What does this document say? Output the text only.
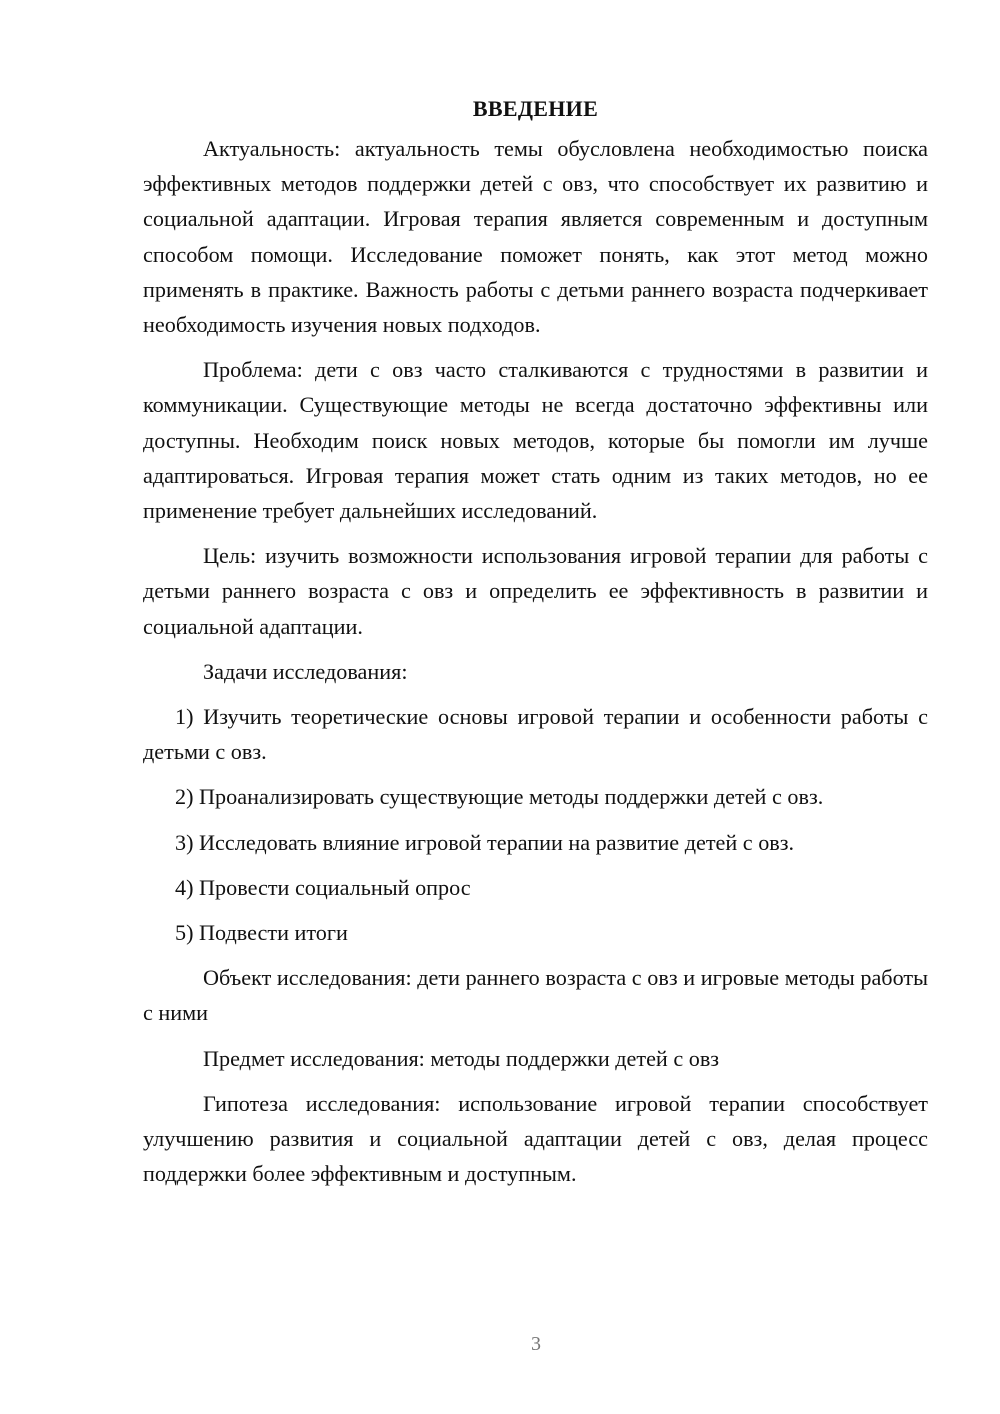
ВВЕДЕНИЕ

Актуальность: актуальность темы обусловлена необходимостью поиска эффективных методов поддержки детей с овз, что способствует их развитию и социальной адаптации. Игровая терапия является современным и доступным способом помощи. Исследование поможет понять, как этот метод можно применять в практике. Важность работы с детьми раннего возраста подчеркивает необходимость изучения новых подходов.

Проблема: дети с овз часто сталкиваются с трудностями в развитии и коммуникации. Существующие методы не всегда достаточно эффективны или доступны. Необходим поиск новых методов, которые бы помогли им лучше адаптироваться. Игровая терапия может стать одним из таких методов, но ее применение требует дальнейших исследований.

Цель: изучить возможности использования игровой терапии для работы с детьми раннего возраста с овз и определить ее эффективность в развитии и социальной адаптации.

Задачи исследования:

1) Изучить теоретические основы игровой терапии и особенности работы с детьми с овз.

2) Проанализировать существующие методы поддержки детей с овз.

3) Исследовать влияние игровой терапии на развитие детей с овз.

4) Провести социальный опрос

5) Подвести итоги

Объект исследования: дети раннего возраста с овз и игровые методы работы с ними

Предмет исследования: методы поддержки детей с овз

Гипотеза исследования: использование игровой терапии способствует улучшению развития и социальной адаптации детей с овз, делая процесс поддержки более эффективным и доступным.

3
